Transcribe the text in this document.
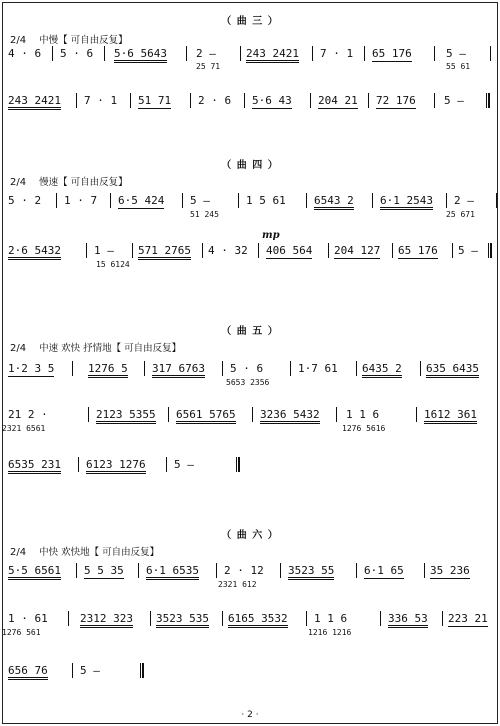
（ 曲 三 ）
2/4 中慢【 可自由反复】
4 · 6 5 · 6 5·6 5643	2 –	243 2421 7 · 1 65 176	5 –
25 71	55 61
243 2421 7 · 1 51 71 2 · 6 5·6 43 204 21 72 176	5 –
（ 曲 四 ）
2/4 慢速【 可自由反复】
5 · 2 1 · 7 6·5 424 5 –	1 5 61	6543 2 6·1 2543 2 –
51 245	25 671
mp
2·6 5432	1 – 571 2765 4 · 32 406 564 204 127 65 176 5 –
15 6124
（ 曲 五 ）
2/4 中速 欢快 抒情地【 可自由反复】
1·2 3 5	1276 5 317 6763 5 · 6	1·7 61 6435 2 635 6435
5653 2356
21 2 ·	2123 5355 6561 5765 3236 5432 1 1 6	1612 361
2321 6561	1276 5616
6535 231 6123 1276	5 –
（ 曲 六 ）
2/4 中快 欢快地【 可自由反复】
5·5 6561 5 5 35 6·1 6535 2 · 12 3523 55	6·1 65 35 236
2321 612
1 · 61	2312 323 3523 535 6165 3532 1 1 6	336 53 223 21
1276 561	1216 1216
656 76	5 –
· 2 ·
